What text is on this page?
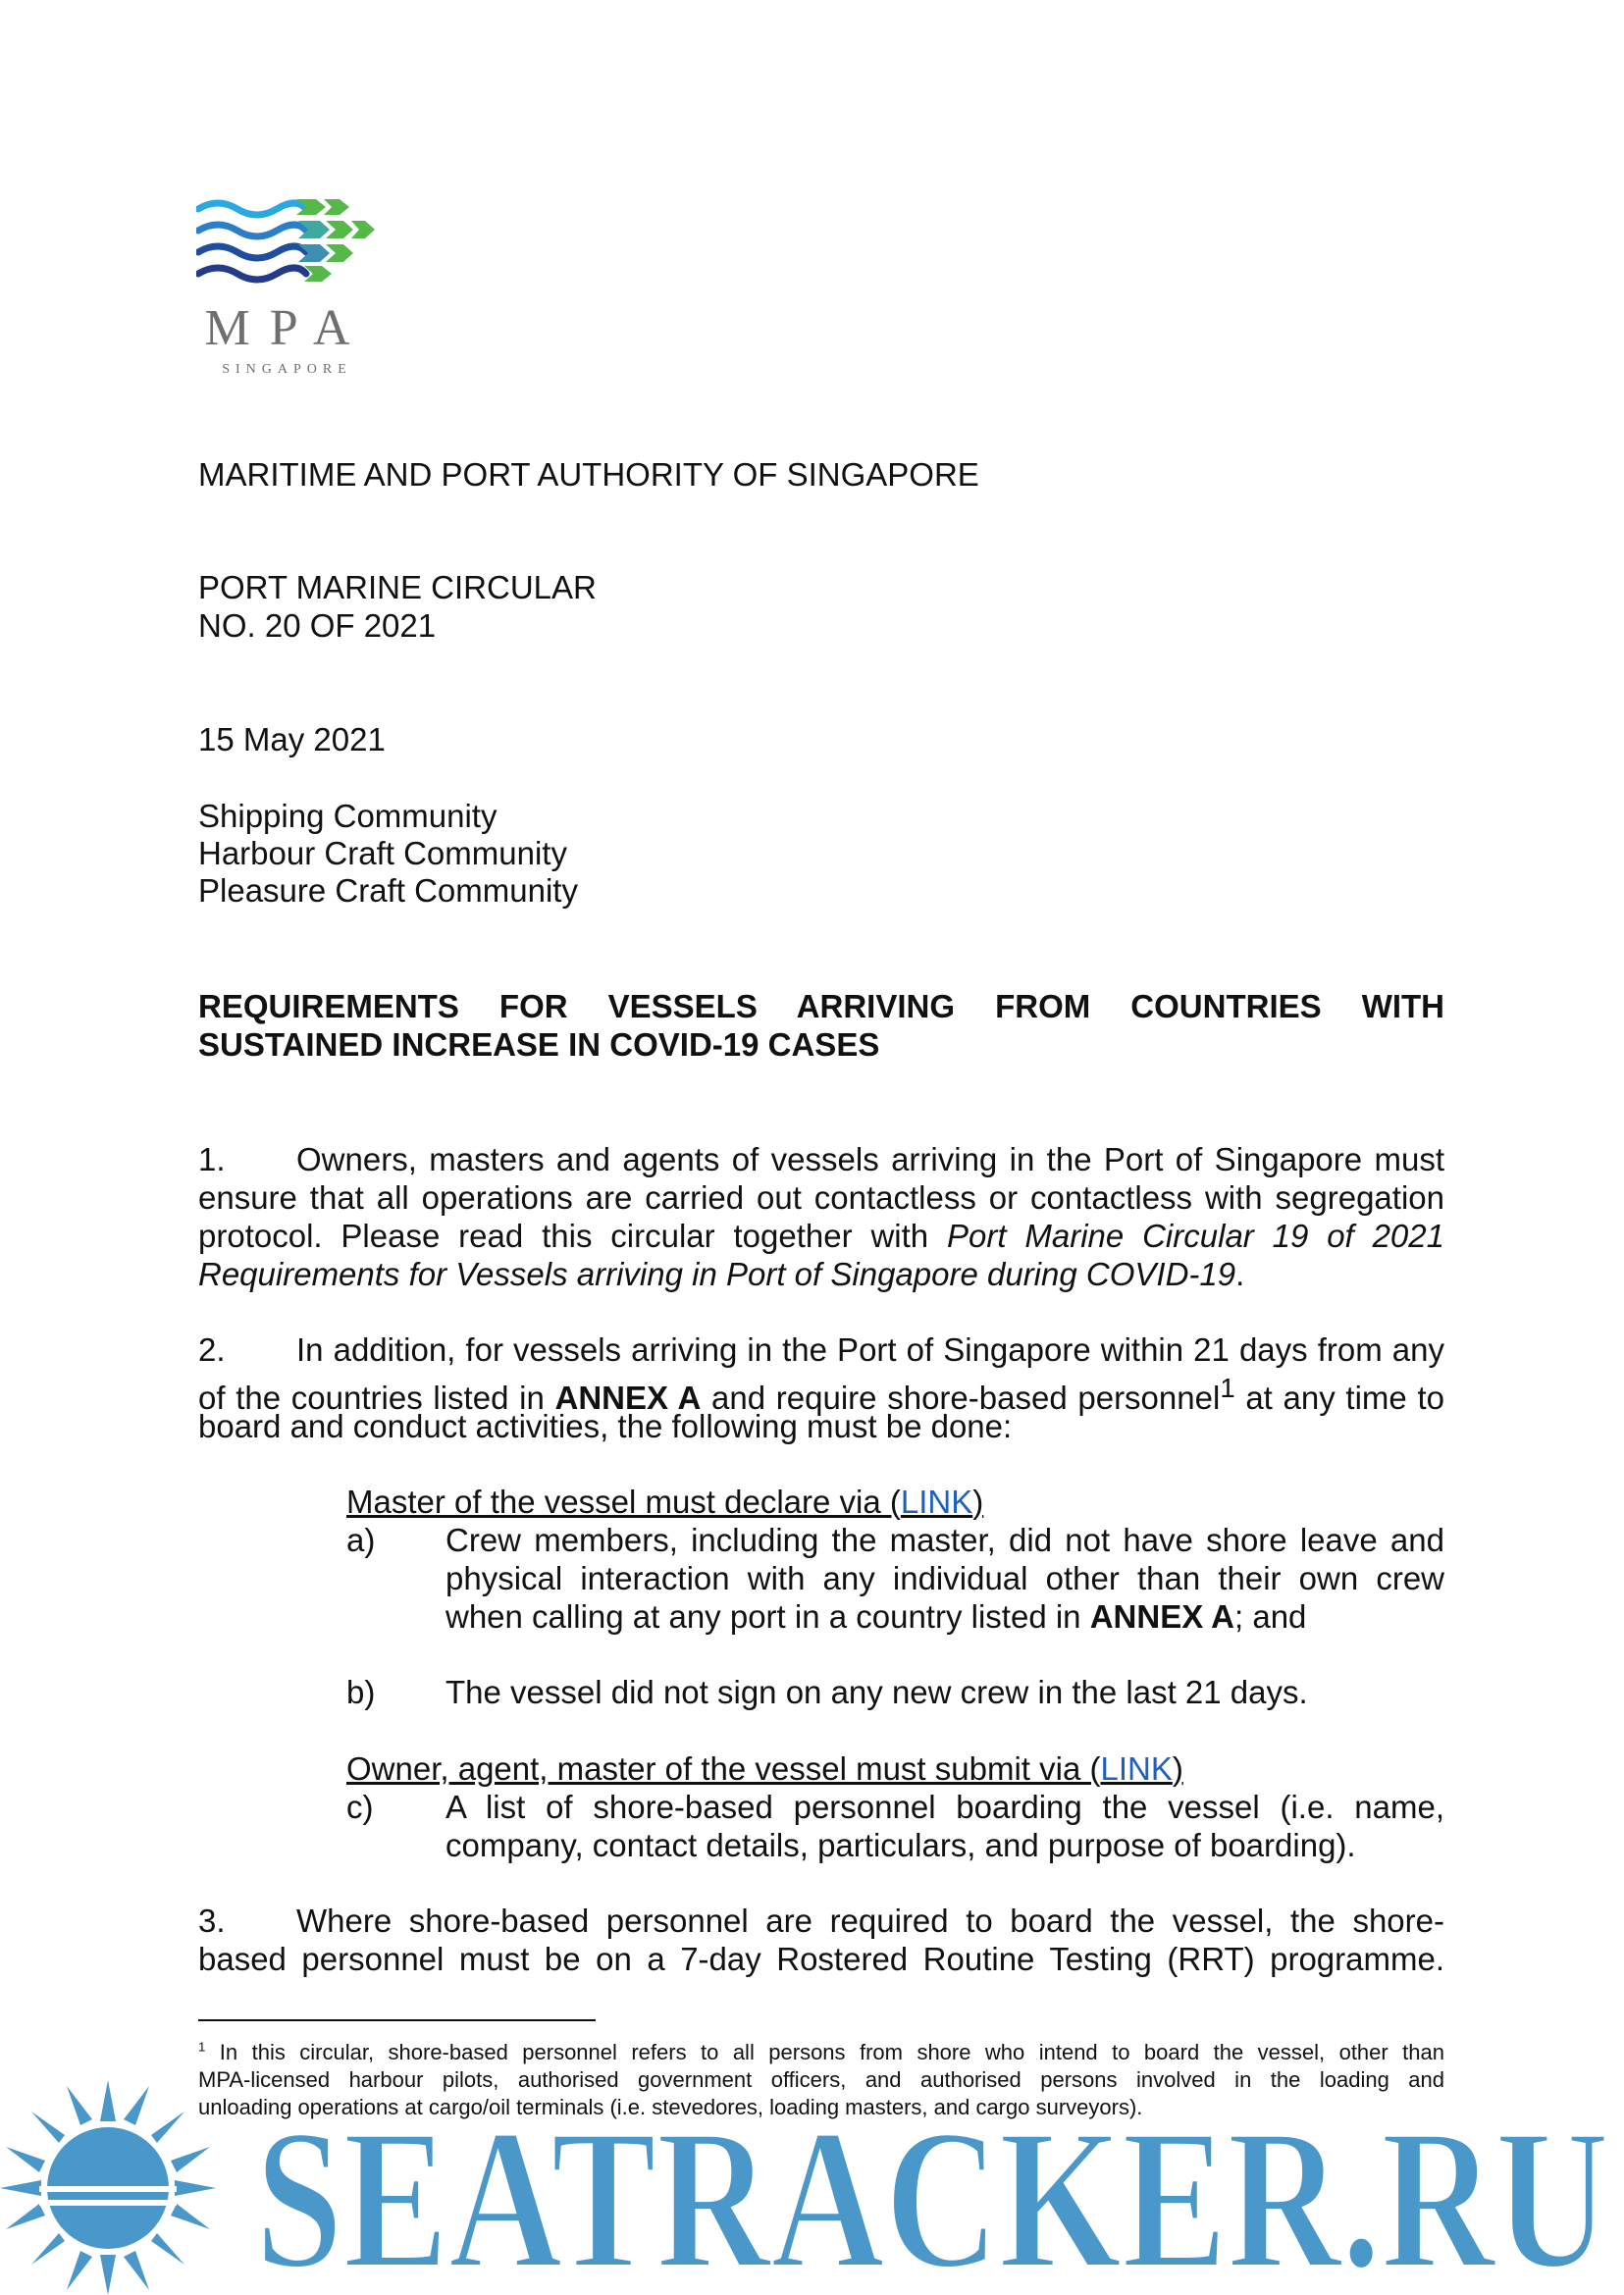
MPA
SINGAPORE
MARITIME AND PORT AUTHORITY OF SINGAPORE
PORT MARINE CIRCULAR
NO. 20 OF 2021
15 May 2021
Shipping Community
Harbour Craft Community
Pleasure Craft Community
REQUIREMENTS FOR VESSELS ARRIVING FROM COUNTRIES WITH
SUSTAINED INCREASE IN COVID-19 CASES
1. Owners, masters and agents of vessels arriving in the Port of Singapore must
ensure that all operations are carried out contactless or contactless with segregation
protocol. Please read this circular together with Port Marine Circular 19 of 2021
Requirements for Vessels arriving in Port of Singapore during COVID-19.
2. In addition, for vessels arriving in the Port of Singapore within 21 days from any
of the countries listed in ANNEX A and require shore-based personnel$^1$ at any time to
board and conduct activities, the following must be done:
Master of the vessel must declare via (LINK)
a) Crew members, including the master, did not have shore leave and
physical interaction with any individual other than their own crew
when calling at any port in a country listed in ANNEX A; and
b) The vessel did not sign on any new crew in the last 21 days.
Owner, agent, master of the vessel must submit via (LINK)
c) A list of shore-based personnel boarding the vessel (i.e. name,
company, contact details, particulars, and purpose of boarding).
3. Where shore-based personnel are required to board the vessel, the shore-
based personnel must be on a 7-day Rostered Routine Testing (RRT) programme.
$^1$ In this circular, shore-based personnel refers to all persons from shore who intend to board the vessel, other than
MPA-licensed harbour pilots, authorised government officers, and authorised persons involved in the loading and
unloading operations at cargo/oil terminals (i.e. stevedores, loading masters, and cargo surveyors).
SEATRACKER.RU
